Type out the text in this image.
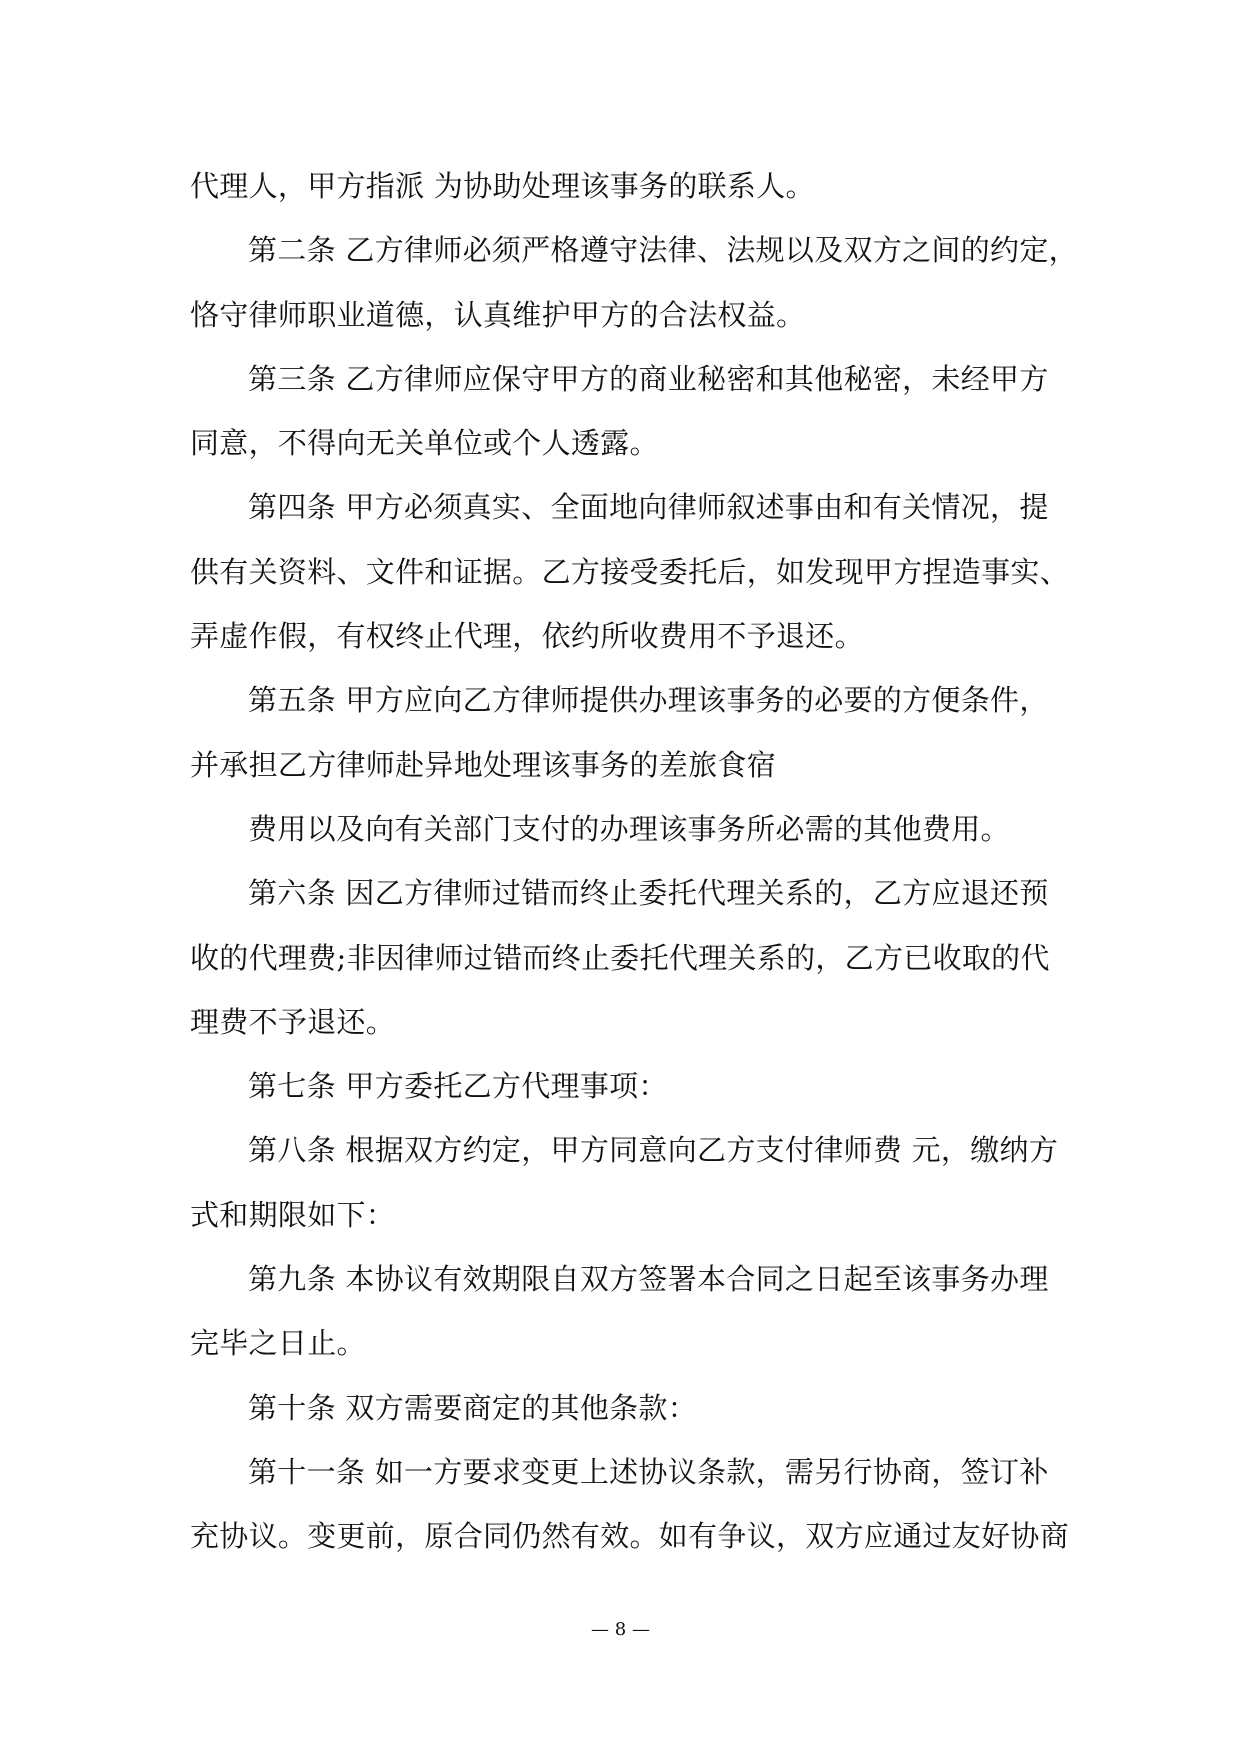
代理人，甲方指派 为协助处理该事务的联系人。
第二条 乙方律师必须严格遵守法律、法规以及双方之间的约定，
恪守律师职业道德，认真维护甲方的合法权益。
第三条 乙方律师应保守甲方的商业秘密和其他秘密，未经甲方
同意，不得向无关单位或个人透露。
第四条 甲方必须真实、全面地向律师叙述事由和有关情况，提
供有关资料、文件和证据。乙方接受委托后，如发现甲方捏造事实、
弄虚作假，有权终止代理，依约所收费用不予退还。
第五条 甲方应向乙方律师提供办理该事务的必要的方便条件，
并承担乙方律师赴异地处理该事务的差旅食宿
费用以及向有关部门支付的办理该事务所必需的其他费用。
第六条 因乙方律师过错而终止委托代理关系的，乙方应退还预
收的代理费;非因律师过错而终止委托代理关系的，乙方已收取的代
理费不予退还。
第七条 甲方委托乙方代理事项：
第八条 根据双方约定，甲方同意向乙方支付律师费 元，缴纳方
式和期限如下：
第九条 本协议有效期限自双方签署本合同之日起至该事务办理
完毕之日止。
第十条 双方需要商定的其他条款：
第十一条 如一方要求变更上述协议条款，需另行协商，签订补
充协议。变更前，原合同仍然有效。如有争议，双方应通过友好协商
— 8 —
